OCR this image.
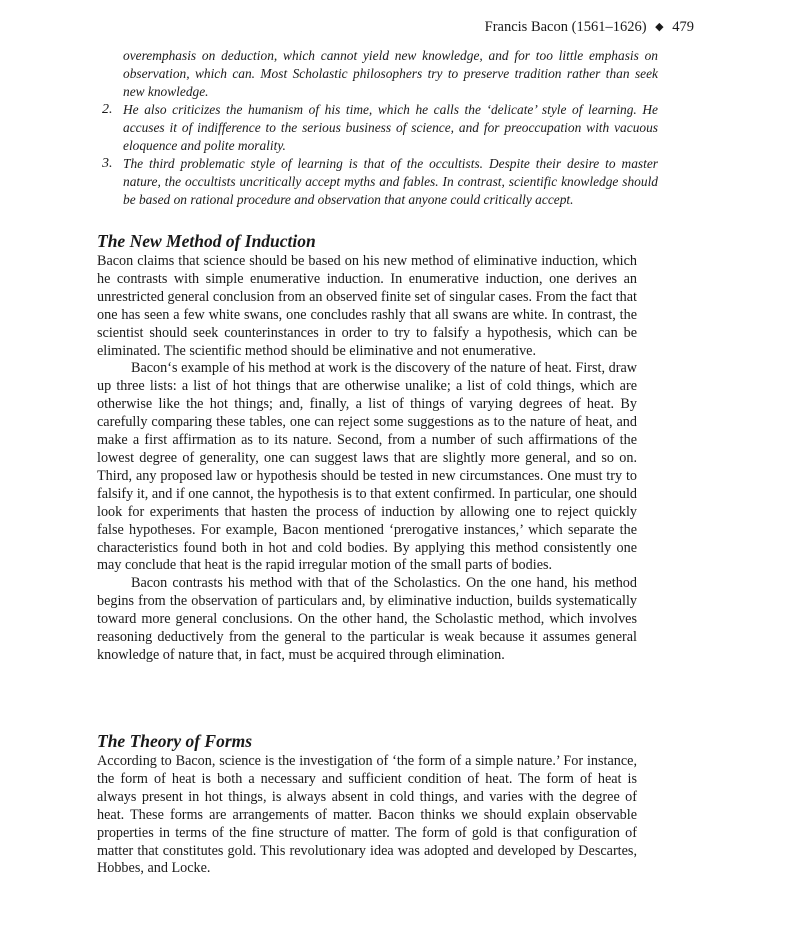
Francis Bacon (1561–1626) ◆ 479
overemphasis on deduction, which cannot yield new knowledge, and for too little emphasis on observation, which can. Most Scholastic philosophers try to preserve tradition rather than seek new knowledge.
2. He also criticizes the humanism of his time, which he calls the ‘delicate’ style of learning. He accuses it of indifference to the serious business of science, and for preoccupation with vacuous eloquence and polite morality.
3. The third problematic style of learning is that of the occultists. Despite their desire to master nature, the occultists uncritically accept myths and fables. In contrast, scientific knowledge should be based on rational procedure and observation that anyone could critically accept.
The New Method of Induction

Bacon claims that science should be based on his new method of eliminative induction, which he contrasts with simple enumerative induction. In enumerative induction, one derives an unrestricted general conclusion from an observed finite set of singular cases. From the fact that one has seen a few white swans, one concludes rashly that all swans are white. In contrast, the scientist should seek counterinstances in order to try to falsify a hypothesis, which can be eliminated. The scientific method should be eliminative and not enumerative.

Bacon‘s example of his method at work is the discovery of the nature of heat. First, draw up three lists: a list of hot things that are otherwise unalike; a list of cold things, which are otherwise like the hot things; and, finally, a list of things of varying degrees of heat. By carefully comparing these tables, one can reject some suggestions as to the nature of heat, and make a first affirmation as to its nature. Second, from a number of such affirmations of the lowest degree of generality, one can suggest laws that are slightly more general, and so on. Third, any proposed law or hypothesis should be tested in new circumstances. One must try to falsify it, and if one cannot, the hypothesis is to that extent confirmed. In particular, one should look for experiments that hasten the process of induction by allowing one to reject quickly false hypotheses. For example, Bacon mentioned ‘prerogative instances,’ which separate the characteristics found both in hot and cold bodies. By applying this method consistently one may conclude that heat is the rapid irregular motion of the small parts of bodies.

Bacon contrasts his method with that of the Scholastics. On the one hand, his method begins from the observation of particulars and, by eliminative induction, builds systematically toward more general conclusions. On the other hand, the Scholastic method, which involves reasoning deductively from the general to the particular is weak because it assumes general knowledge of nature that, in fact, must be acquired through elimination.

The Theory of Forms

According to Bacon, science is the investigation of ‘the form of a simple nature.’ For instance, the form of heat is both a necessary and sufficient condition of heat. The form of heat is always present in hot things, is always absent in cold things, and varies with the degree of heat. These forms are arrangements of matter. Bacon thinks we should explain observable properties in terms of the fine structure of matter. The form of gold is that configuration of matter that constitutes gold. This revolutionary idea was adopted and developed by Descartes, Hobbes, and Locke.
